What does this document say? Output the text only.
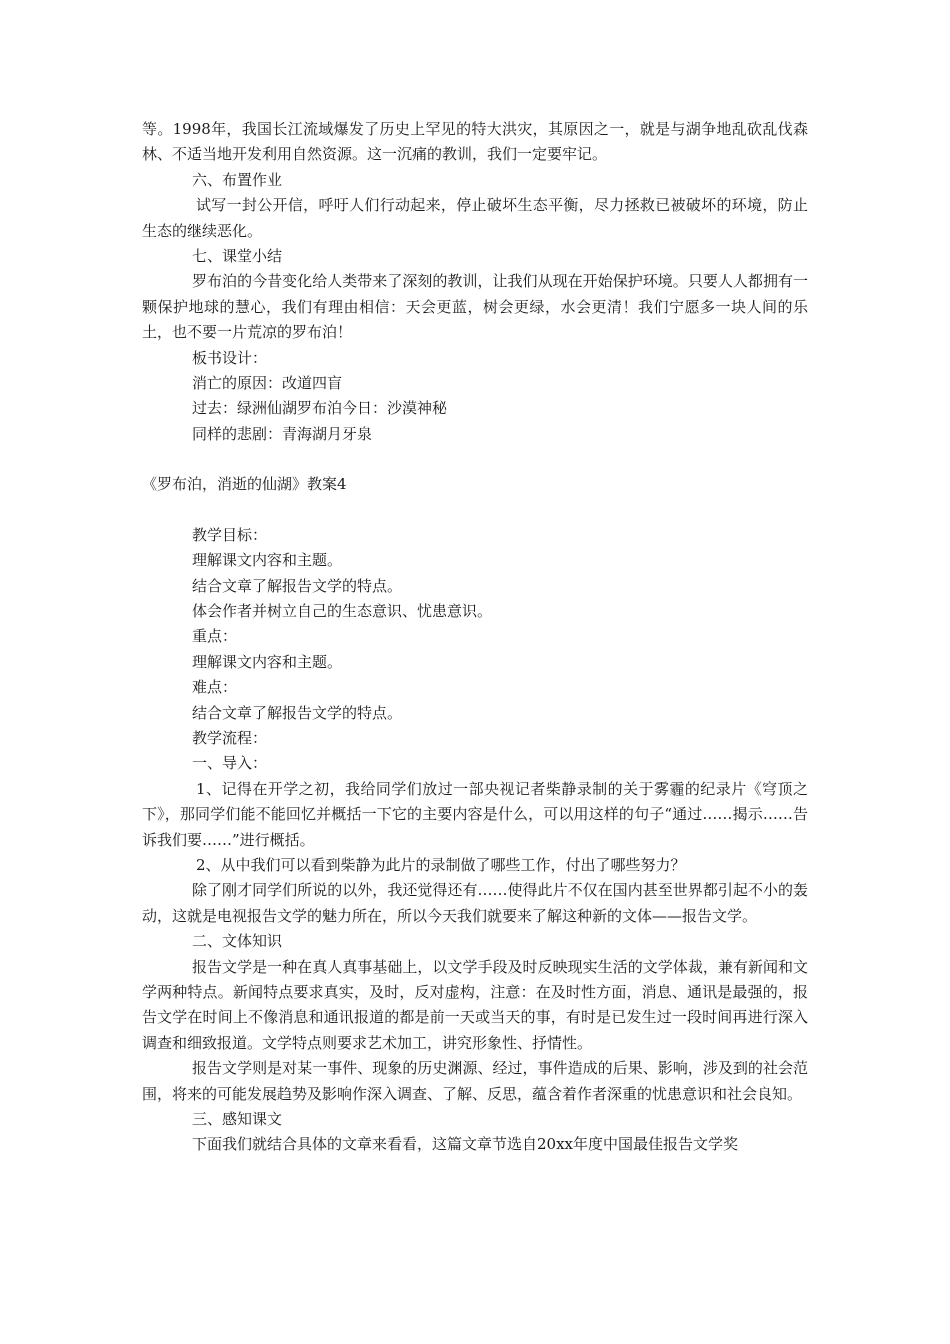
等。1998年，我国长江流域爆发了历史上罕见的特大洪灾，其原因之一，就是与湖争地乱砍乱伐森林、不适当地开发利用自然资源。这一沉痛的教训，我们一定要牢记。

六、布置作业

试写一封公开信，呼吁人们行动起来，停止破坏生态平衡，尽力拯救已被破坏的环境，防止生态的继续恶化。

七、课堂小结

罗布泊的今昔变化给人类带来了深刻的教训，让我们从现在开始保护环境。只要人人都拥有一颗保护地球的慧心，我们有理由相信：天会更蓝，树会更绿，水会更清！我们宁愿多一块人间的乐土，也不要一片荒凉的罗布泊！

板书设计：

消亡的原因：改道四盲

过去：绿洲仙湖罗布泊今日：沙漠神秘

同样的悲剧：青海湖月牙泉

《罗布泊，消逝的仙湖》教案4

教学目标：

理解课文内容和主题。

结合文章了解报告文学的特点。

体会作者并树立自己的生态意识、忧患意识。

重点：

理解课文内容和主题。

难点：

结合文章了解报告文学的特点。

教学流程：

一、导入：

1、记得在开学之初，我给同学们放过一部央视记者柴静录制的关于雾霾的纪录片《穹顶之下》，那同学们能不能回忆并概括一下它的主要内容是什么，可以用这样的句子“通过……揭示……告诉我们要……”进行概括。

2、从中我们可以看到柴静为此片的录制做了哪些工作，付出了哪些努力？

除了刚才同学们所说的以外，我还觉得还有……使得此片不仅在国内甚至世界都引起不小的轰动，这就是电视报告文学的魅力所在，所以今天我们就要来了解这种新的文体——报告文学。

二、文体知识

报告文学是一种在真人真事基础上，以文学手段及时反映现实生活的文学体裁，兼有新闻和文学两种特点。新闻特点要求真实，及时，反对虚构，注意：在及时性方面，消息、通讯是最强的，报告文学在时间上不像消息和通讯报道的都是前一天或当天的事，有时是已发生过一段时间再进行深入调查和细致报道。文学特点则要求艺术加工，讲究形象性、抒情性。

报告文学则是对某一事件、现象的历史渊源、经过，事件造成的后果、影响，涉及到的社会范围，将来的可能发展趋势及影响作深入调查、了解、反思，蕴含着作者深重的忧患意识和社会良知。

三、感知课文

下面我们就结合具体的文章来看看，这篇文章节选自20xx年度中国最佳报告文学奖
